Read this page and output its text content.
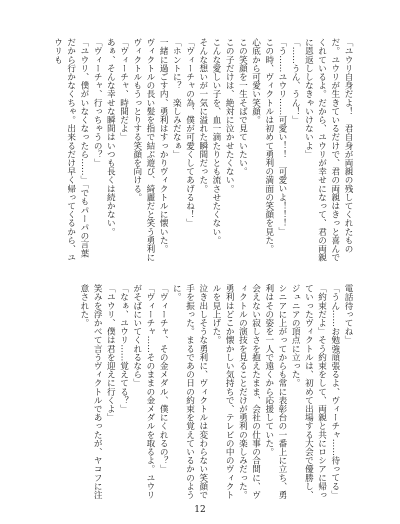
「ユウリ自身だよ！　君自身が両親の残してくれたものだ。ユウリが生きているだけで、君の両親はきっと喜んでくれているよ。だから、ユウリが幸せになって、君の両親に恩返ししなきゃいけないよ」

「……うん、うん！」

「う……ユウリ……可愛い！！　可愛いよ！！！」

この時、ヴィクトルは初めて勇利の満面の笑顔を見た。

心底から可愛い笑顔。

この笑顔を一生そばで見ていたい。

この子だけは、絶対に泣かせたくない。

こんな愛しい子を、血一滴たりとも流させたくない。

そんな想いが一気に溢れた瞬間だった。

「ヴィーチャの為、僕が可愛くしてあげるね！」

「ホントに？　楽しみだなぁ」

一緒に過ごす内、勇利はすっかりヴィクトルに懐いた。

ヴィクトルの長い髪を指で結ぶ遊び、綺麗だと笑う勇利にヴィクトルもうっとりする笑顔を向ける。

「ヴィーチャ、時間だよ」

あぁ、そんな幸せな瞬間はいつも長くは続かない。

「ヴィーチャ、行っちゃうの？」

「ユウリ、僕がいなくなったら……」「でもパーパの言葉だから行かなくちゃ。出来るだけ早く帰ってくるから、ユウリも

電話待ってね」

「うん……お勉強頑張るよ、ヴィーチャ……待ってる」

「約束だよ」そう約束をして、両親と共にロシアに帰っていったヴィクトルは、初めて出場する大会で優勝し、ジュニアの頂点に立った。

シニアに上がってからも常に表彰台の一番上に立ち、勇利はその姿を一人で遠くから応援していた。

会えない寂しさを抱えたまま、会社の仕事の合間に、ヴィクトルの演技を見ることだけが勇利の楽しみだった。

勇利はどこか懐かしい気持ちで、テレビの中のヴィクトルを見上げた。

泣き出しそうな勇利に、ヴィクトルは変わらない笑顔で手を振った。まるであの日の約束を覚えているかのように。

「ヴィーチャ、その金メダル、僕にくれるの？」

「ヴィーチャ……そのままの金メダルを取るよ。ユウリがそばにいてくれるなら」

「なぁ、ユウリ……覚えてる？」

「ユウリ、僕は君を迎えに行くよ」

笑みを浮かべて言うヴィクトルであったが、ヤコフに注意された。

12
